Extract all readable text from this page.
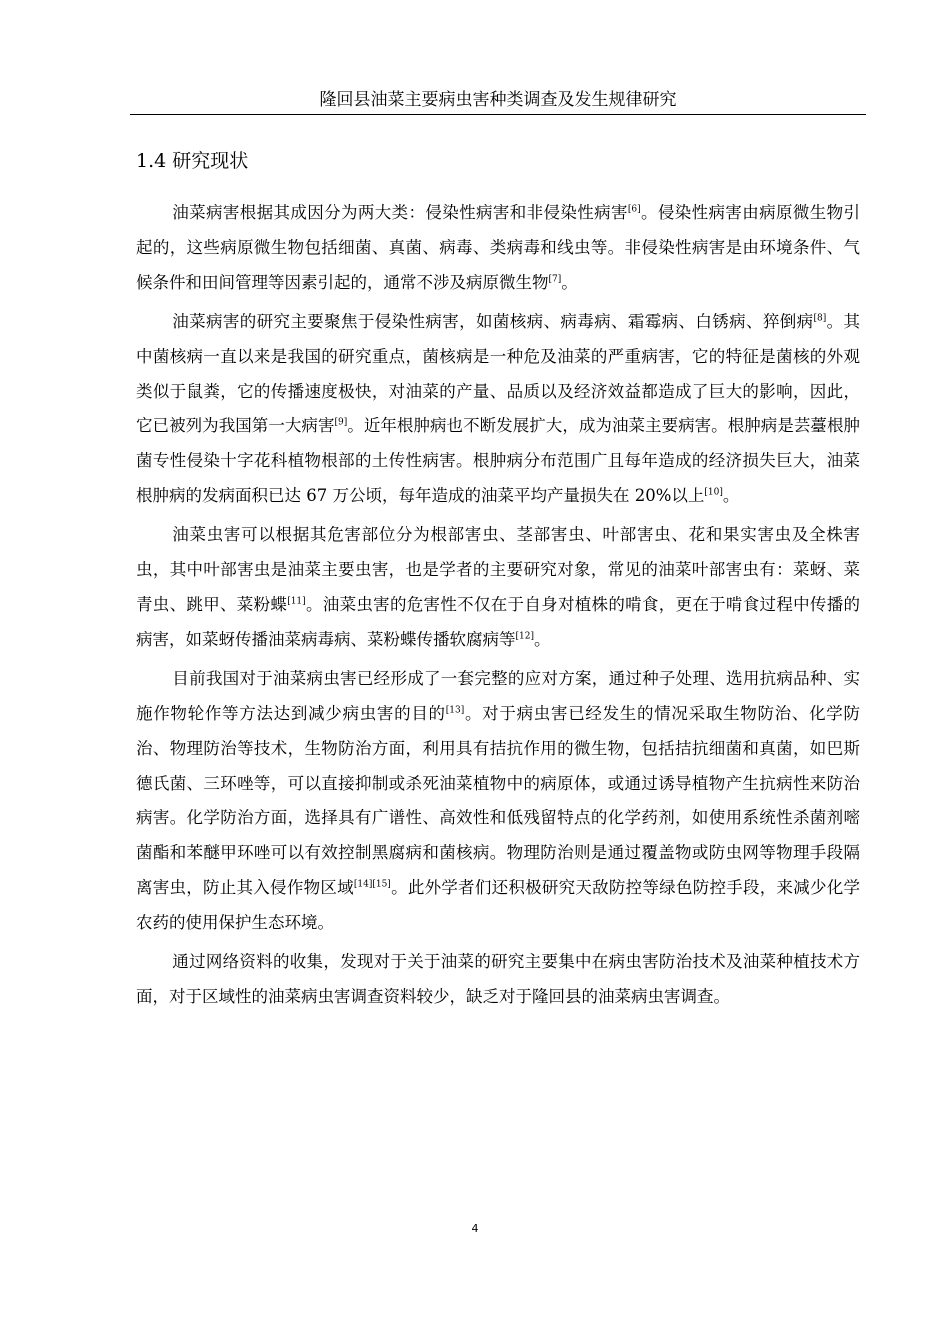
隆回县油菜主要病虫害种类调查及发生规律研究
1.4 研究现状

油菜病害根据其成因分为两大类：侵染性病害和非侵染性病害[6]。侵染性病害由病原微生物引起的，这些病原微生物包括细菌、真菌、病毒、类病毒和线虫等。非侵染性病害是由环境条件、气候条件和田间管理等因素引起的，通常不涉及病原微生物[7]。

油菜病害的研究主要聚焦于侵染性病害，如菌核病、病毒病、霜霉病、白锈病、猝倒病[8]。其中菌核病一直以来是我国的研究重点，菌核病是一种危及油菜的严重病害，它的特征是菌核的外观类似于鼠粪，它的传播速度极快，对油菜的产量、品质以及经济效益都造成了巨大的影响，因此，它已被列为我国第一大病害[9]。近年根肿病也不断发展扩大，成为油菜主要病害。根肿病是芸薹根肿菌专性侵染十字花科植物根部的土传性病害。根肿病分布范围广且每年造成的经济损失巨大，油菜根肿病的发病面积已达 67 万公顷，每年造成的油菜平均产量损失在 20%以上[10]。

油菜虫害可以根据其危害部位分为根部害虫、茎部害虫、叶部害虫、花和果实害虫及全株害虫，其中叶部害虫是油菜主要虫害，也是学者的主要研究对象，常见的油菜叶部害虫有：菜蚜、菜青虫、跳甲、菜粉蝶[11]。油菜虫害的危害性不仅在于自身对植株的啃食，更在于啃食过程中传播的病害，如菜蚜传播油菜病毒病、菜粉蝶传播软腐病等[12]。

目前我国对于油菜病虫害已经形成了一套完整的应对方案，通过种子处理、选用抗病品种、实施作物轮作等方法达到减少病虫害的目的[13]。对于病虫害已经发生的情况采取生物防治、化学防治、物理防治等技术，生物防治方面，利用具有拮抗作用的微生物，包括拮抗细菌和真菌，如巴斯德氏菌、三环唑等，可以直接抑制或杀死油菜植物中的病原体，或通过诱导植物产生抗病性来防治病害。化学防治方面，选择具有广谱性、高效性和低残留特点的化学药剂，如使用系统性杀菌剂嘧菌酯和苯醚甲环唑可以有效控制黑腐病和菌核病。物理防治则是通过覆盖物或防虫网等物理手段隔离害虫，防止其入侵作物区域[14][15]。此外学者们还积极研究天敌防控等绿色防控手段，来减少化学农药的使用保护生态环境。

通过网络资料的收集，发现对于关于油菜的研究主要集中在病虫害防治技术及油菜种植技术方面，对于区域性的油菜病虫害调查资料较少，缺乏对于隆回县的油菜病虫害调查。

4
